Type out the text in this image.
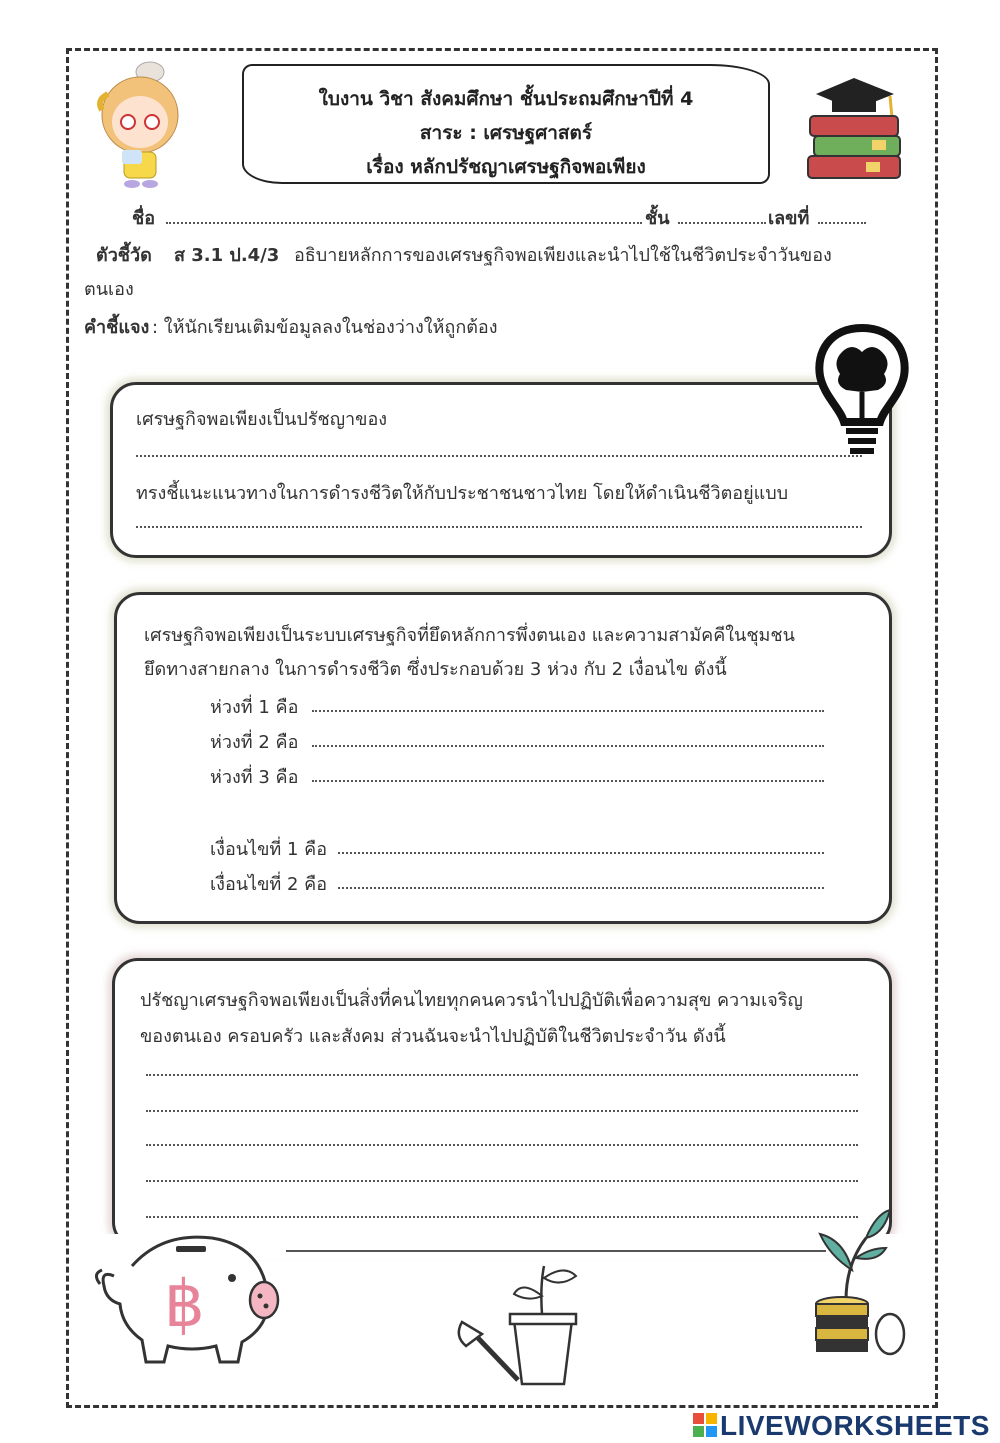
ใบงาน วิชา สังคมศึกษา ชั้นประถมศึกษาปีที่ 4
สาระ : เศรษฐศาสตร์
เรื่อง หลักปรัชญาเศรษฐกิจพอเพียง
ชื่อ	ชั้น	เลขที่
ตัวชี้วัด ส 3.1 ป.4/3 อธิบายหลักการของเศรษฐกิจพอเพียงและนำไปใช้ในชีวิตประจำวันของ
ตนเอง
คำชี้แจง : ให้นักเรียนเติมข้อมูลลงในช่องว่างให้ถูกต้อง
เศรษฐกิจพอเพียงเป็นปรัชญาของ
ทรงชี้แนะแนวทางในการดำรงชีวิตให้กับประชาชนชาวไทย โดยให้ดำเนินชีวิตอยู่แบบ
เศรษฐกิจพอเพียงเป็นระบบเศรษฐกิจที่ยึดหลักการพึ่งตนเอง และความสามัคคีในชุมชน
ยึดทางสายกลาง ในการดำรงชีวิต ซึ่งประกอบด้วย 3 ห่วง กับ 2 เงื่อนไข ดังนี้
ห่วงที่ 1 คือ
ห่วงที่ 2 คือ
ห่วงที่ 3 คือ
เงื่อนไขที่ 1 คือ
เงื่อนไขที่ 2 คือ
ปรัชญาเศรษฐกิจพอเพียงเป็นสิ่งที่คนไทยทุกคนควรนำไปปฏิบัติเพื่อความสุข ความเจริญ
ของตนเอง ครอบครัว และสังคม ส่วนฉันจะนำไปปฏิบัติในชีวิตประจำวัน ดังนี้
฿
LIVEWORKSHEETS
